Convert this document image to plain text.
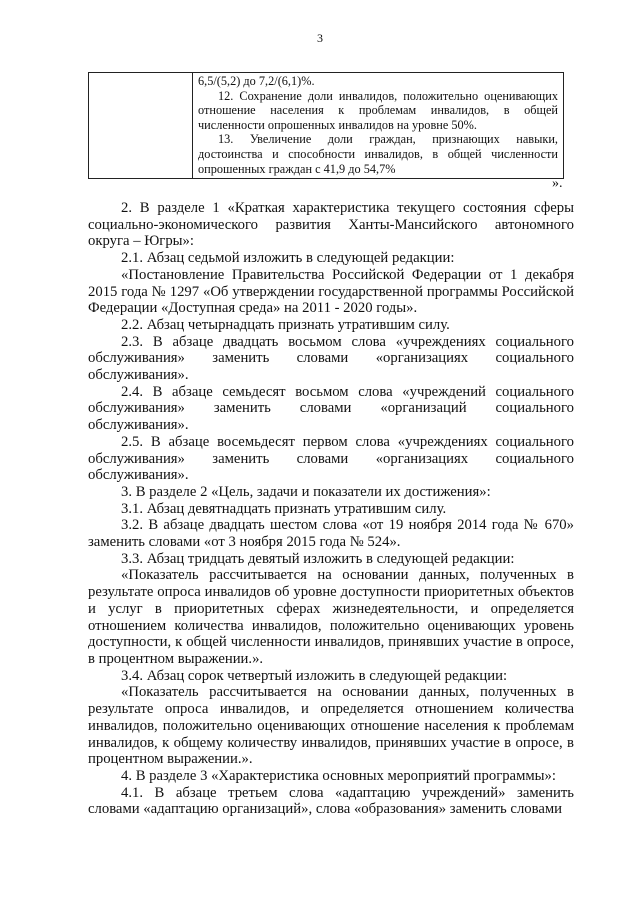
3

6,5/(5,2) до 7,2/(6,1)%.

12. Сохранение доли инвалидов, положительно оценивающих отношение населения к проблемам инвалидов, в общей численности опрошенных инвалидов на уровне 50%.

13. Увеличение доли граждан, признающих навыки, достоинства и способности инвалидов, в общей численности опрошенных граждан с 41,9 до 54,7%

».

2. В разделе 1 «Краткая характеристика текущего состояния сферы социально-экономического развития Ханты-Мансийского автономного округа – Югры»:

2.1. Абзац седьмой изложить в следующей редакции:

«Постановление Правительства Российской Федерации от 1 декабря 2015 года № 1297 «Об утверждении государственной программы Российской Федерации «Доступная среда» на 2011 - 2020 годы».

2.2. Абзац четырнадцать признать утратившим силу.

2.3. В абзаце двадцать восьмом слова «учреждениях социального обслуживания» заменить словами «организациях социального обслуживания».

2.4. В абзаце семьдесят восьмом слова «учреждений социального обслуживания» заменить словами «организаций социального обслуживания».

2.5. В абзаце восемьдесят первом слова «учреждениях социального обслуживания» заменить словами «организациях социального обслуживания».

3. В разделе 2 «Цель, задачи и показатели их достижения»:

3.1. Абзац девятнадцать признать утратившим силу.

3.2. В абзаце двадцать шестом слова «от 19 ноября 2014 года № 670» заменить словами «от 3 ноября 2015 года № 524».

3.3. Абзац тридцать девятый изложить в следующей редакции:

«Показатель рассчитывается на основании данных, полученных в результате опроса инвалидов об уровне доступности приоритетных объектов и услуг в приоритетных сферах жизнедеятельности, и определяется отношением количества инвалидов, положительно оценивающих уровень доступности, к общей численности инвалидов, принявших участие в опросе, в процентном выражении.».

3.4. Абзац сорок четвертый изложить в следующей редакции:

«Показатель рассчитывается на основании данных, полученных в результате опроса инвалидов, и определяется отношением количества инвалидов, положительно оценивающих отношение населения к проблемам инвалидов, к общему количеству инвалидов, принявших участие в опросе, в процентном выражении.».

4. В разделе 3 «Характеристика основных мероприятий программы»:

4.1. В абзаце третьем слова «адаптацию учреждений» заменить словами «адаптацию организаций», слова «образования» заменить словами
